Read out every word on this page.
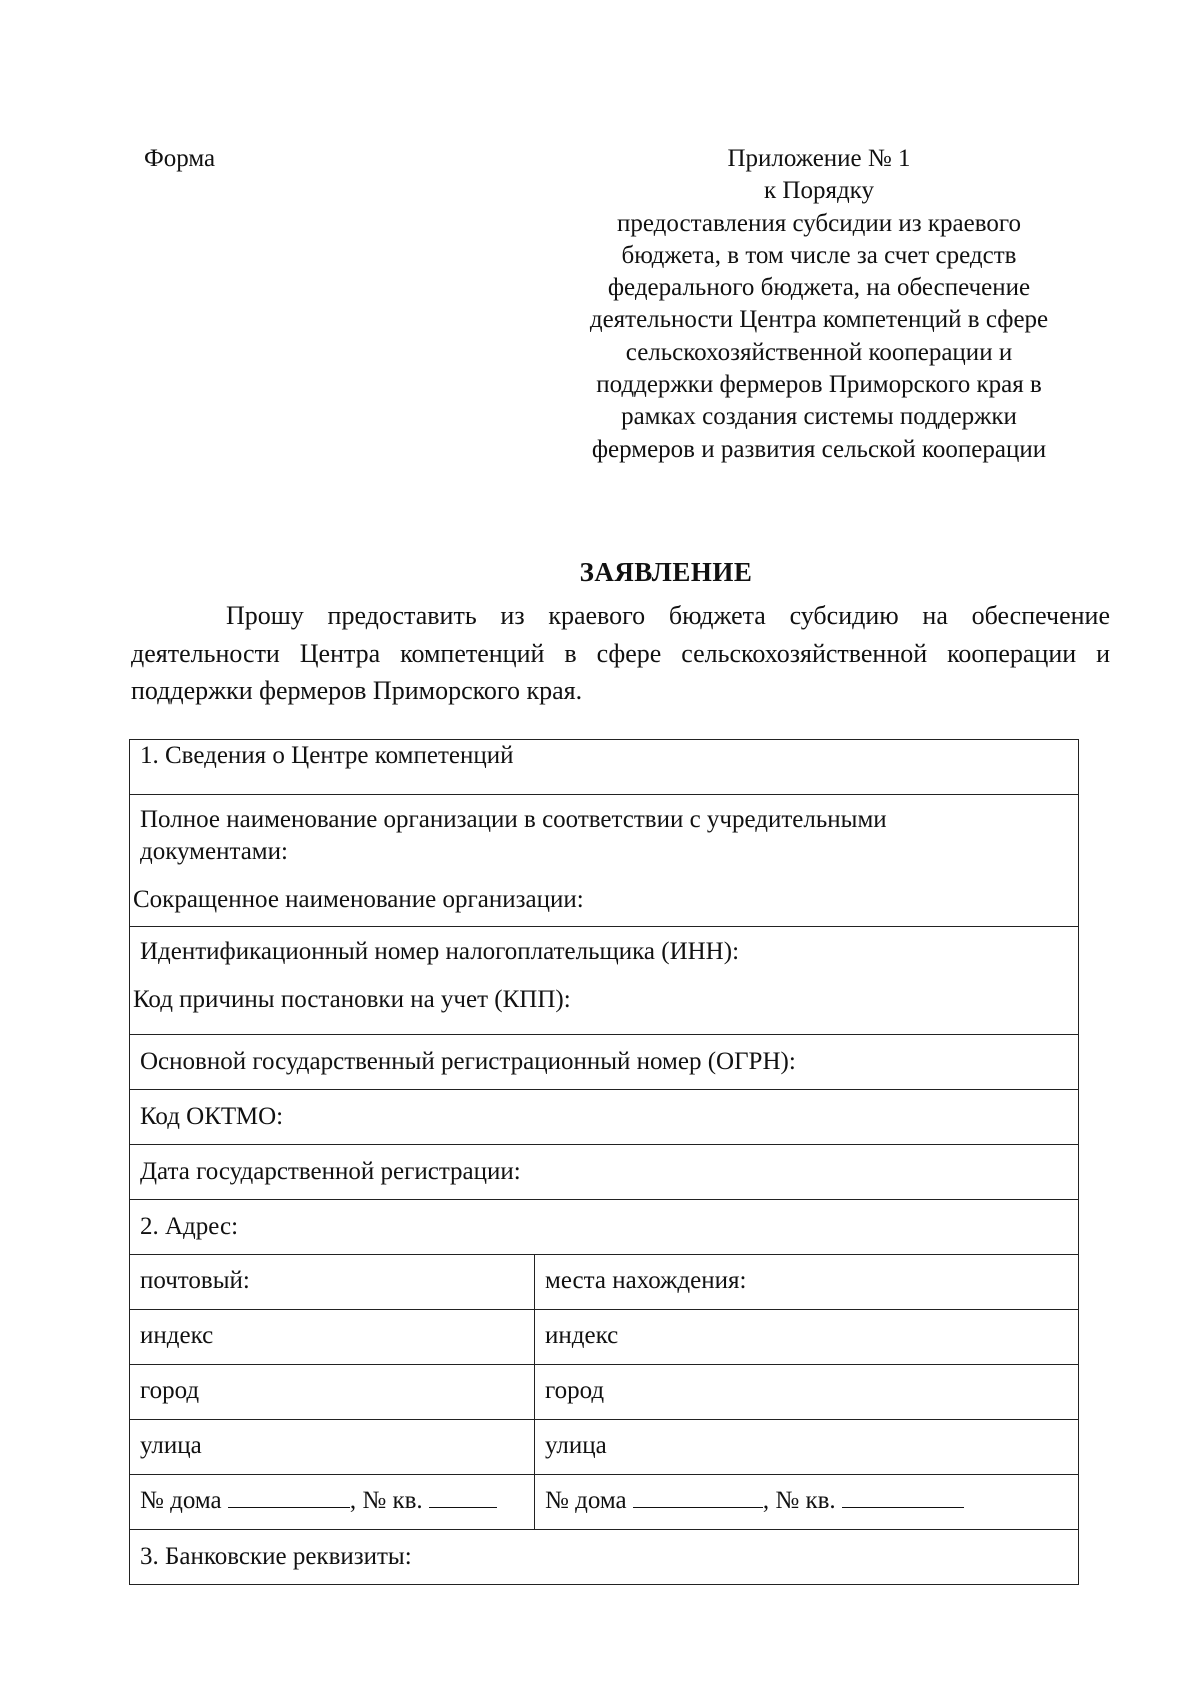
Форма	Приложение № 1
к Порядку
предоставления субсидии из краевого
бюджета, в том числе за счет средств
федерального бюджета, на обеспечение
деятельности Центра компетенций в сфере
сельскохозяйственной кооперации и
поддержки фермеров Приморского края в
рамках создания системы поддержки
фермеров и развития сельской кооперации
ЗАЯВЛЕНИЕ
Прошу предоставить из краевого бюджета субсидию на обеспечение деятельности Центра компетенций в сфере сельскохозяйственной кооперации и поддержки фермеров Приморского края.
1. Сведения о Центре компетенций	

Полное наименование организации в соответствии с учредительными
документами:
Сокращенное наименование организации:	

Идентификационный номер налогоплательщика (ИНН):
Код причины постановки на учет (КПП):	

Основной государственный регистрационный номер (ОГРН):	

Код ОКТМО:	

Дата государственной регистрации:	

2. Адрес:	

почтовый:	места нахождения:

индекс	индекс

город	город

улица	улица

№ дома , № кв.	№ дома , № кв.

3. Банковские реквизиты:	
